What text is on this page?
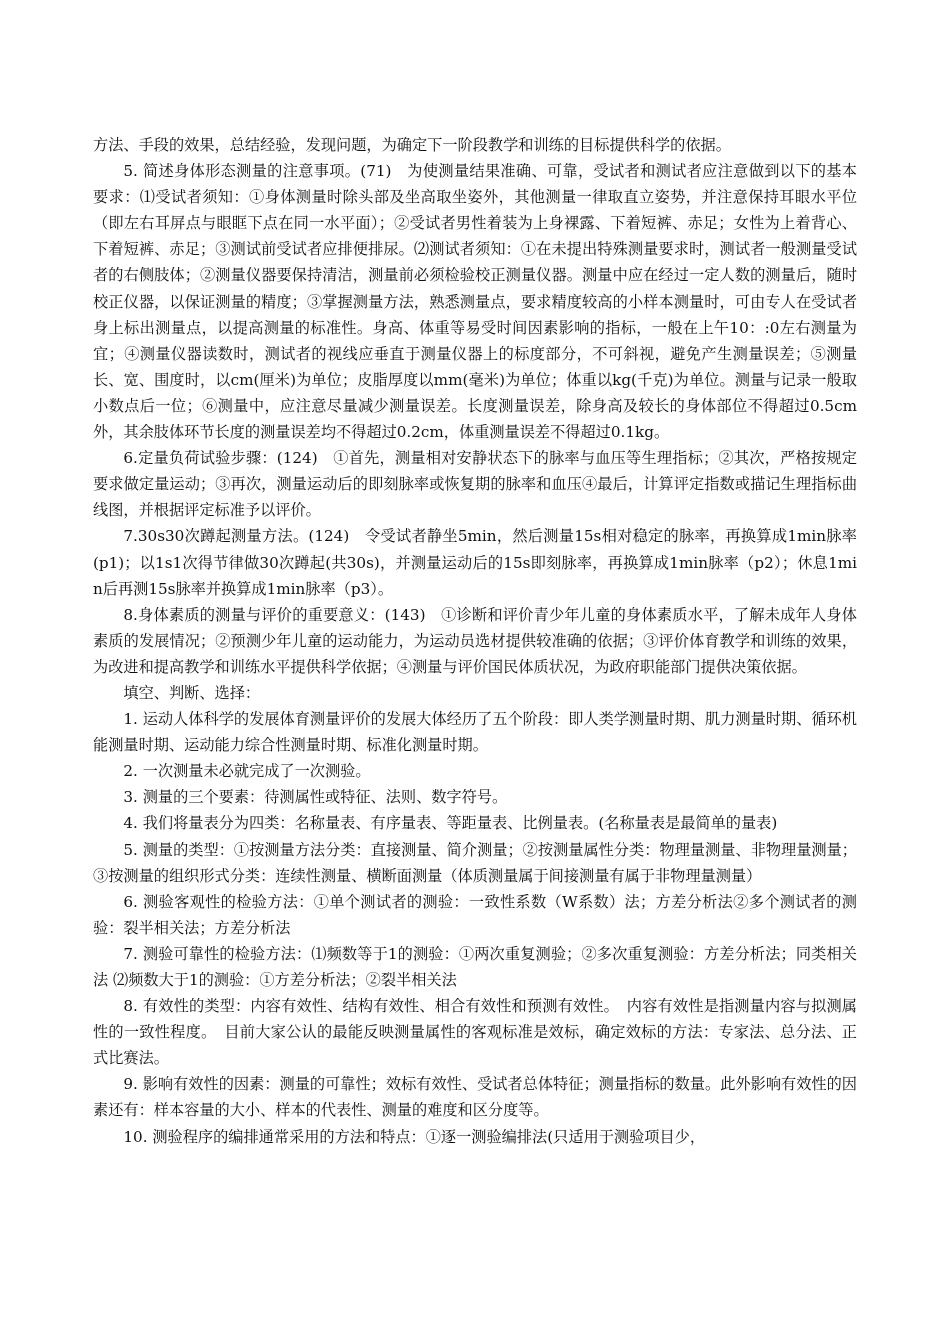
方法、手段的效果，总结经验，发现问题，为确定下一阶段教学和训练的目标提供科学的依据。

5. 简述身体形态测量的注意事项。(71)　为使测量结果准确、可靠，受试者和测试者应注意做到以下的基本要求：⑴受试者须知：①身体测量时除头部及坐高取坐姿外，其他测量一律取直立姿势，并注意保持耳眼水平位（即左右耳屏点与眼眶下点在同一水平面）；②受试者男性着装为上身裸露、下着短裤、赤足；女性为上着背心、下着短裤、赤足；③测试前受试者应排便排尿。⑵测试者须知：①在未提出特殊测量要求时，测试者一般测量受试者的右侧肢体；②测量仪器要保持清洁，测量前必须检验校正测量仪器。测量中应在经过一定人数的测量后，随时校正仪器，以保证测量的精度；③掌握测量方法，熟悉测量点，要求精度较高的小样本测量时，可由专人在受试者身上标出测量点，以提高测量的标准性。身高、体重等易受时间因素影响的指标，一般在上午10：:0左右测量为宜；④测量仪器读数时，测试者的视线应垂直于测量仪器上的标度部分，不可斜视，避免产生测量误差；⑤测量长、宽、围度时，以cm(厘米)为单位；皮脂厚度以mm(毫米)为单位；体重以kg(千克)为单位。测量与记录一般取小数点后一位；⑥测量中，应注意尽量减少测量误差。长度测量误差，除身高及较长的身体部位不得超过0.5cm外，其余肢体环节长度的测量误差均不得超过0.2cm，体重测量误差不得超过0.1kg。

6.定量负荷试验步骤：(124)　①首先，测量相对安静状态下的脉率与血压等生理指标；②其次，严格按规定要求做定量运动；③再次，测量运动后的即刻脉率或恢复期的脉率和血压④最后，计算评定指数或描记生理指标曲线图，并根据评定标准予以评价。

7.30s30次蹲起测量方法。(124)　令受试者静坐5min，然后测量15s相对稳定的脉率，再换算成1min脉率(p1)；以1s1次得节律做30次蹲起(共30s)，并测量运动后的15s即刻脉率，再换算成1min脉率（p2）；休息1min后再测15s脉率并换算成1min脉率（p3）。

8.身体素质的测量与评价的重要意义：(143)　①诊断和评价青少年儿童的身体素质水平，了解未成年人身体素质的发展情况；②预测少年儿童的运动能力，为运动员选材提供较准确的依据；③评价体育教学和训练的效果，为改进和提高教学和训练水平提供科学依据；④测量与评价国民体质状况，为政府职能部门提供决策依据。

填空、判断、选择：

1. 运动人体科学的发展体育测量评价的发展大体经历了五个阶段：即人类学测量时期、肌力测量时期、循环机能测量时期、运动能力综合性测量时期、标准化测量时期。

2. 一次测量未必就完成了一次测验。

3. 测量的三个要素：待测属性或特征、法则、数字符号。

4. 我们将量表分为四类：名称量表、有序量表、等距量表、比例量表。(名称量表是最简单的量表)

5. 测量的类型：①按测量方法分类：直接测量、简介测量；②按测量属性分类：物理量测量、非物理量测量；③按测量的组织形式分类：连续性测量、横断面测量（体质测量属于间接测量有属于非物理量测量）

6. 测验客观性的检验方法：①单个测试者的测验：一致性系数（W系数）法；方差分析法②多个测试者的测验：裂半相关法；方差分析法

7. 测验可靠性的检验方法：⑴频数等于1的测验：①两次重复测验；②多次重复测验：方差分析法；同类相关法 ⑵频数大于1的测验：①方差分析法；②裂半相关法

8. 有效性的类型：内容有效性、结构有效性、相合有效性和预测有效性。　内容有效性是指测量内容与拟测属性的一致性程度。　目前大家公认的最能反映测量属性的客观标准是效标，确定效标的方法：专家法、总分法、正式比赛法。

9. 影响有效性的因素：测量的可靠性；效标有效性、受试者总体特征；测量指标的数量。此外影响有效性的因素还有：样本容量的大小、样本的代表性、测量的难度和区分度等。

10. 测验程序的编排通常采用的方法和特点：①逐一测验编排法(只适用于测验项目少，
